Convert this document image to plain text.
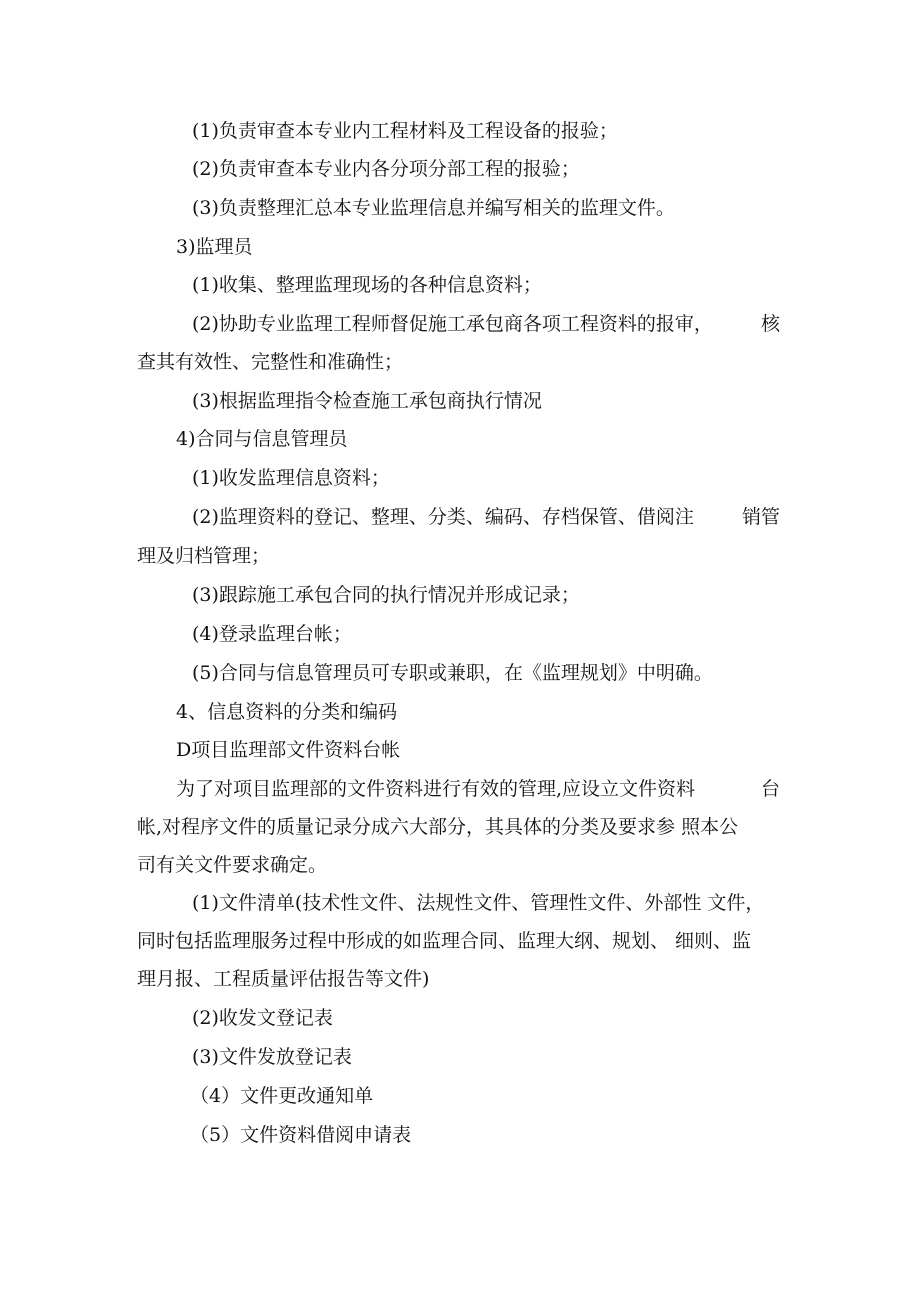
(1)负责审查本专业内工程材料及工程设备的报验；

(2)负责审查本专业内各分项分部工程的报验；

(3)负责整理汇总本专业监理信息并编写相关的监理文件。

3)监理员

(1)收集、整理监理现场的各种信息资料；

(2)协助专业监理工程师督促施工承包商各项工程资料的报审，	核

查其有效性、完整性和准确性；

(3)根据监理指令检查施工承包商执行情况

4)合同与信息管理员

(1)收发监理信息资料；

(2)监理资料的登记、整理、分类、编码、存档保管、借阅注	销管

理及归档管理；

(3)跟踪施工承包合同的执行情况并形成记录；

(4)登录监理台帐；

(5)合同与信息管理员可专职或兼职，在《监理规划》中明确。

4、信息资料的分类和编码

D项目监理部文件资料台帐

为了对项目监理部的文件资料进行有效的管理,应设立文件资料	台

帐,对程序文件的质量记录分成六大部分，其具体的分类及要求参 照本公

司有关文件要求确定。

(1)文件清单(技术性文件、法规性文件、管理性文件、外部性 文件，

同时包括监理服务过程中形成的如监理合同、监理大纲、规划、 细则、监

理月报、工程质量评估报告等文件)

(2)收发文登记表

(3)文件发放登记表

（4）文件更改通知单

（5）文件资料借阅申请表
